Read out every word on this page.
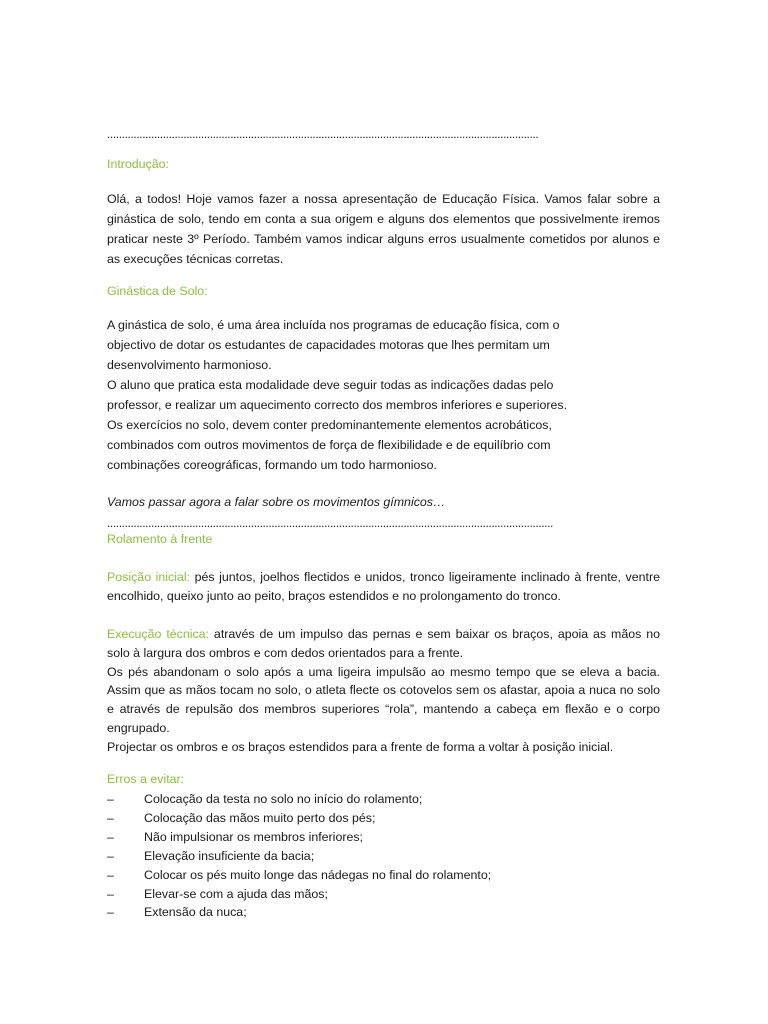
...................................................................................................................................................
Introdução:

Olá, a todos! Hoje vamos fazer a nossa apresentação de Educação Física. Vamos falar sobre a ginástica de solo, tendo em conta a sua origem e alguns dos elementos que possivelmente iremos praticar neste 3º Período. Também vamos indicar alguns erros usualmente cometidos por alunos e as execuções técnicas corretas.

Ginástica de Solo:

A ginástica de solo, é uma área incluída nos programas de educação física, com o

objectivo de dotar os estudantes de capacidades motoras que lhes permitam um

desenvolvimento harmonioso.

O aluno que pratica esta modalidade deve seguir todas as indicações dadas pelo

professor, e realizar um aquecimento correcto dos membros inferiores e superiores.

Os exercícios no solo, devem conter predominantemente elementos acrobáticos,

combinados com outros movimentos de força de flexibilidade e de equilíbrio com

combinações coreográficas, formando um todo harmonioso.

Vamos passar agora a falar sobre os movimentos gímnicos…
........................................................................................................................................................
Rolamento à frente

Posição inicial: pés juntos, joelhos flectidos e unidos, tronco ligeiramente inclinado à frente, ventre encolhido, queixo junto ao peito, braços estendidos e no prolongamento do tronco.

Execução técnica: através de um impulso das pernas e sem baixar os braços, apoia as mãos no solo à largura dos ombros e com dedos orientados para a frente.

Os pés abandonam o solo após a uma ligeira impulsão ao mesmo tempo que se eleva a bacia. Assim que as mãos tocam no solo, o atleta flecte os cotovelos sem os afastar, apoia a nuca no solo e através de repulsão dos membros superiores “rola”, mantendo a cabeça em flexão e o corpo engrupado.

Projectar os ombros e os braços estendidos para a frente de forma a voltar à posição inicial.

Erros a evitar:
–	Colocação da testa no solo no início do rolamento;
–	Colocação das mãos muito perto dos pés;
–	Não impulsionar os membros inferiores;
–	Elevação insuficiente da bacia;
–	Colocar os pés muito longe das nádegas no final do rolamento;
–	Elevar-se com a ajuda das mãos;
–	Extensão da nuca;
